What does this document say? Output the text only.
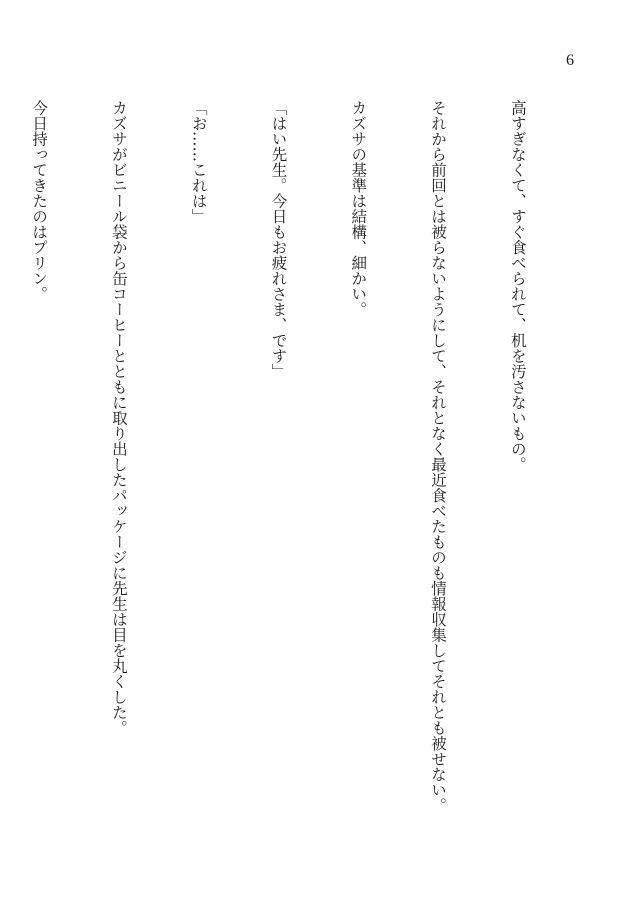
6

高すぎなくて、すぐ食べられて、机を汚さないもの。

それから前回とは被らないようにして、それとなく最近食べたものも情報収集してそれとも被せない。

カズサの基準は結構、細かい。

「はい先生。今日もお疲れさま、です」

「お……これは」

カズサがビニール袋から缶コーヒーとともに取り出したパッケージに先生は目を丸くした。

今日持ってきたのはプリン。
